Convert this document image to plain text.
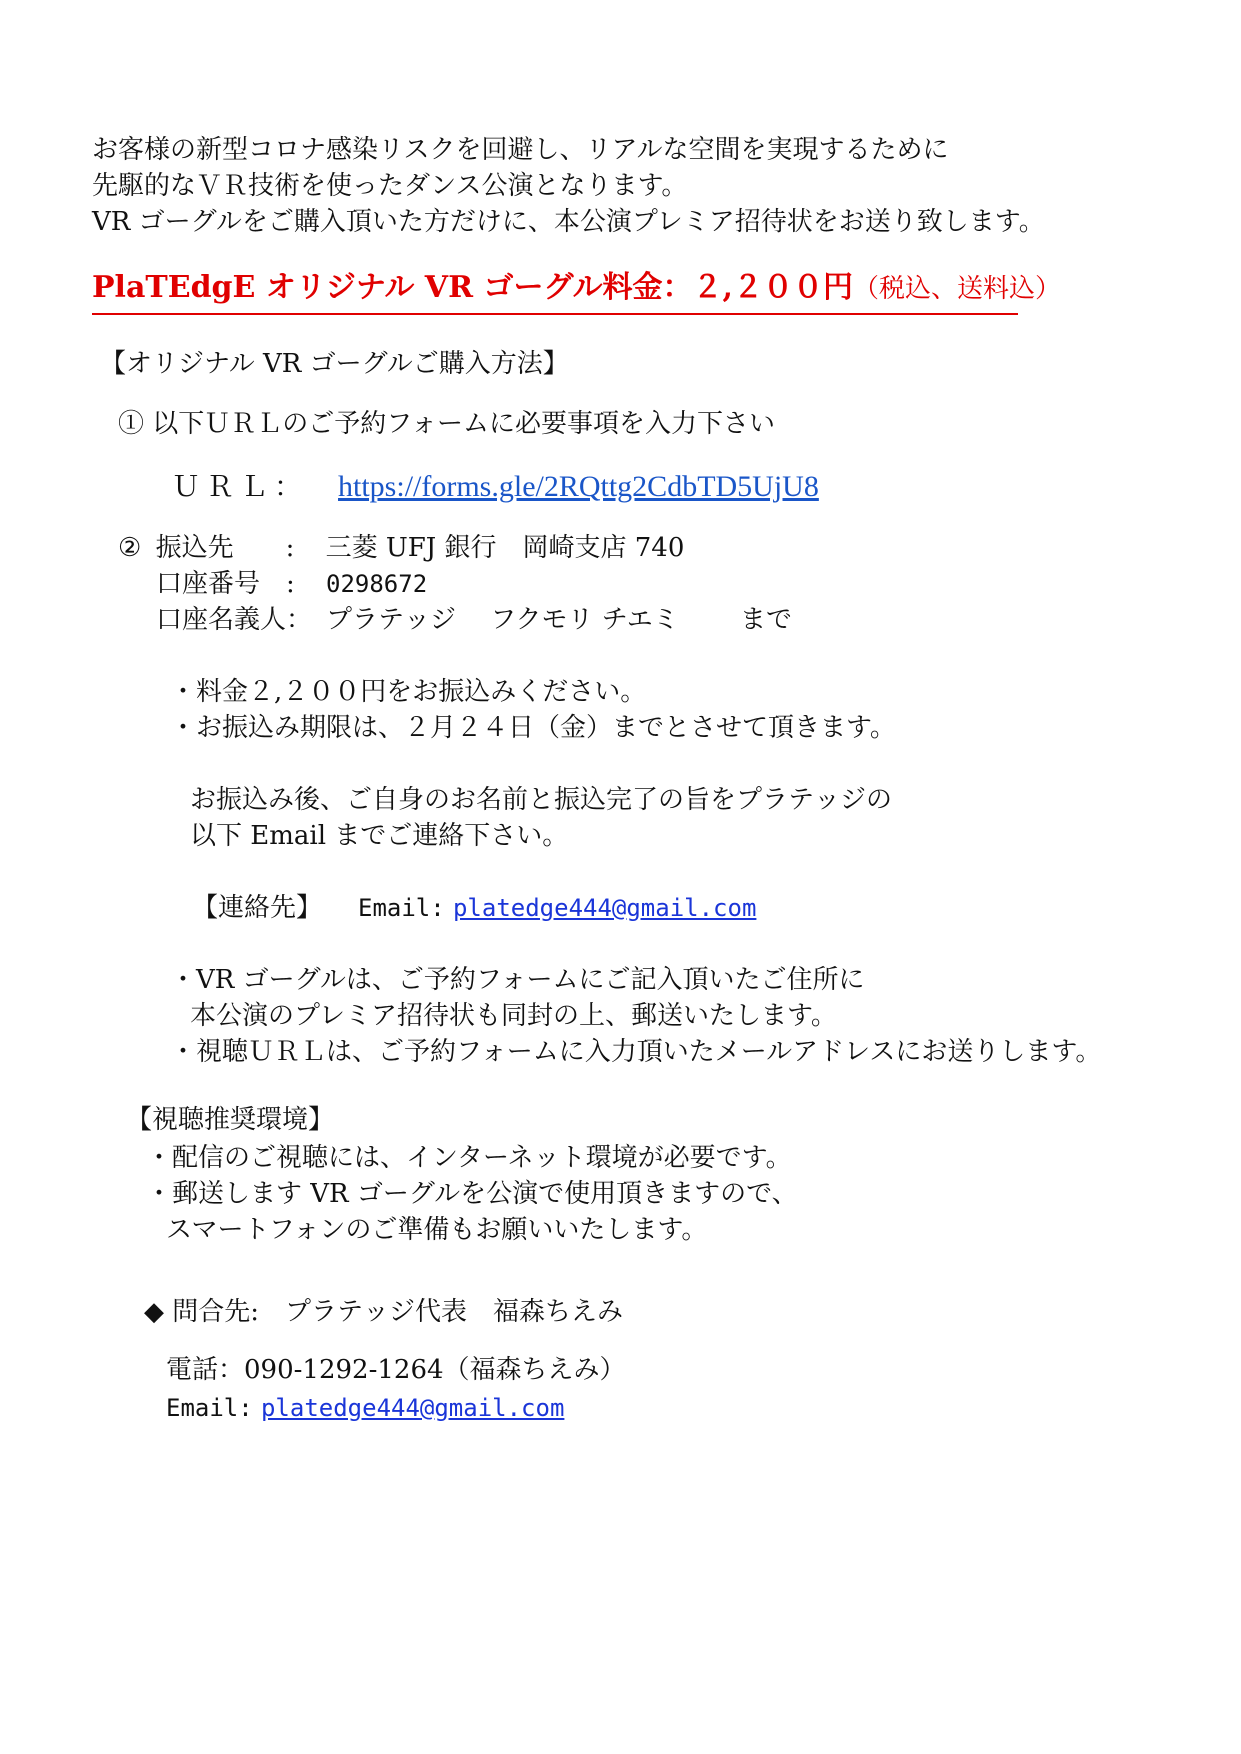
お客様の新型コロナ感染リスクを回避し、リアルな空間を実現するために
先駆的なＶＲ技術を使ったダンス公演となります。
VR ゴーグルをご購入頂いた方だけに、本公演プレミア招待状をお送り致します。
PlaTEdgE オリジナル VR ゴーグル料金：２,２００円（税込、送料込）
【オリジナル VR ゴーグルご購入方法】
① 以下ＵＲＬのご予約フォームに必要事項を入力下さい
ＵＲＬ： https://forms.gle/2RQttg2CdbTD5UjU8
② 振込先 : 三菱 UFJ 銀行　岡崎支店 740
口座番号 : 0298672
口座名義人： プラテッジ　 フクモリ チエミ まで
・料金２,２００円をお振込みください。
・お振込み期限は、２月２４日（金）までとさせて頂きます。
お振込み後、ご自身のお名前と振込完了の旨をプラテッジの
以下 Email までご連絡下さい。
【連絡先】 Email: platedge444@gmail.com
・VR ゴーグルは、ご予約フォームにご記入頂いたご住所に
本公演のプレミア招待状も同封の上、郵送いたします。
・視聴ＵＲＬは、ご予約フォームに入力頂いたメールアドレスにお送りします。
【視聴推奨環境】
・配信のご視聴には、インターネット環境が必要です。
・郵送します VR ゴーグルを公演で使用頂きますので、
スマートフォンのご準備もお願いいたします。
◆ 問合先:　プラテッジ代表　福森ちえみ
電話：090-1292-1264（福森ちえみ）
Email: platedge444@gmail.com
